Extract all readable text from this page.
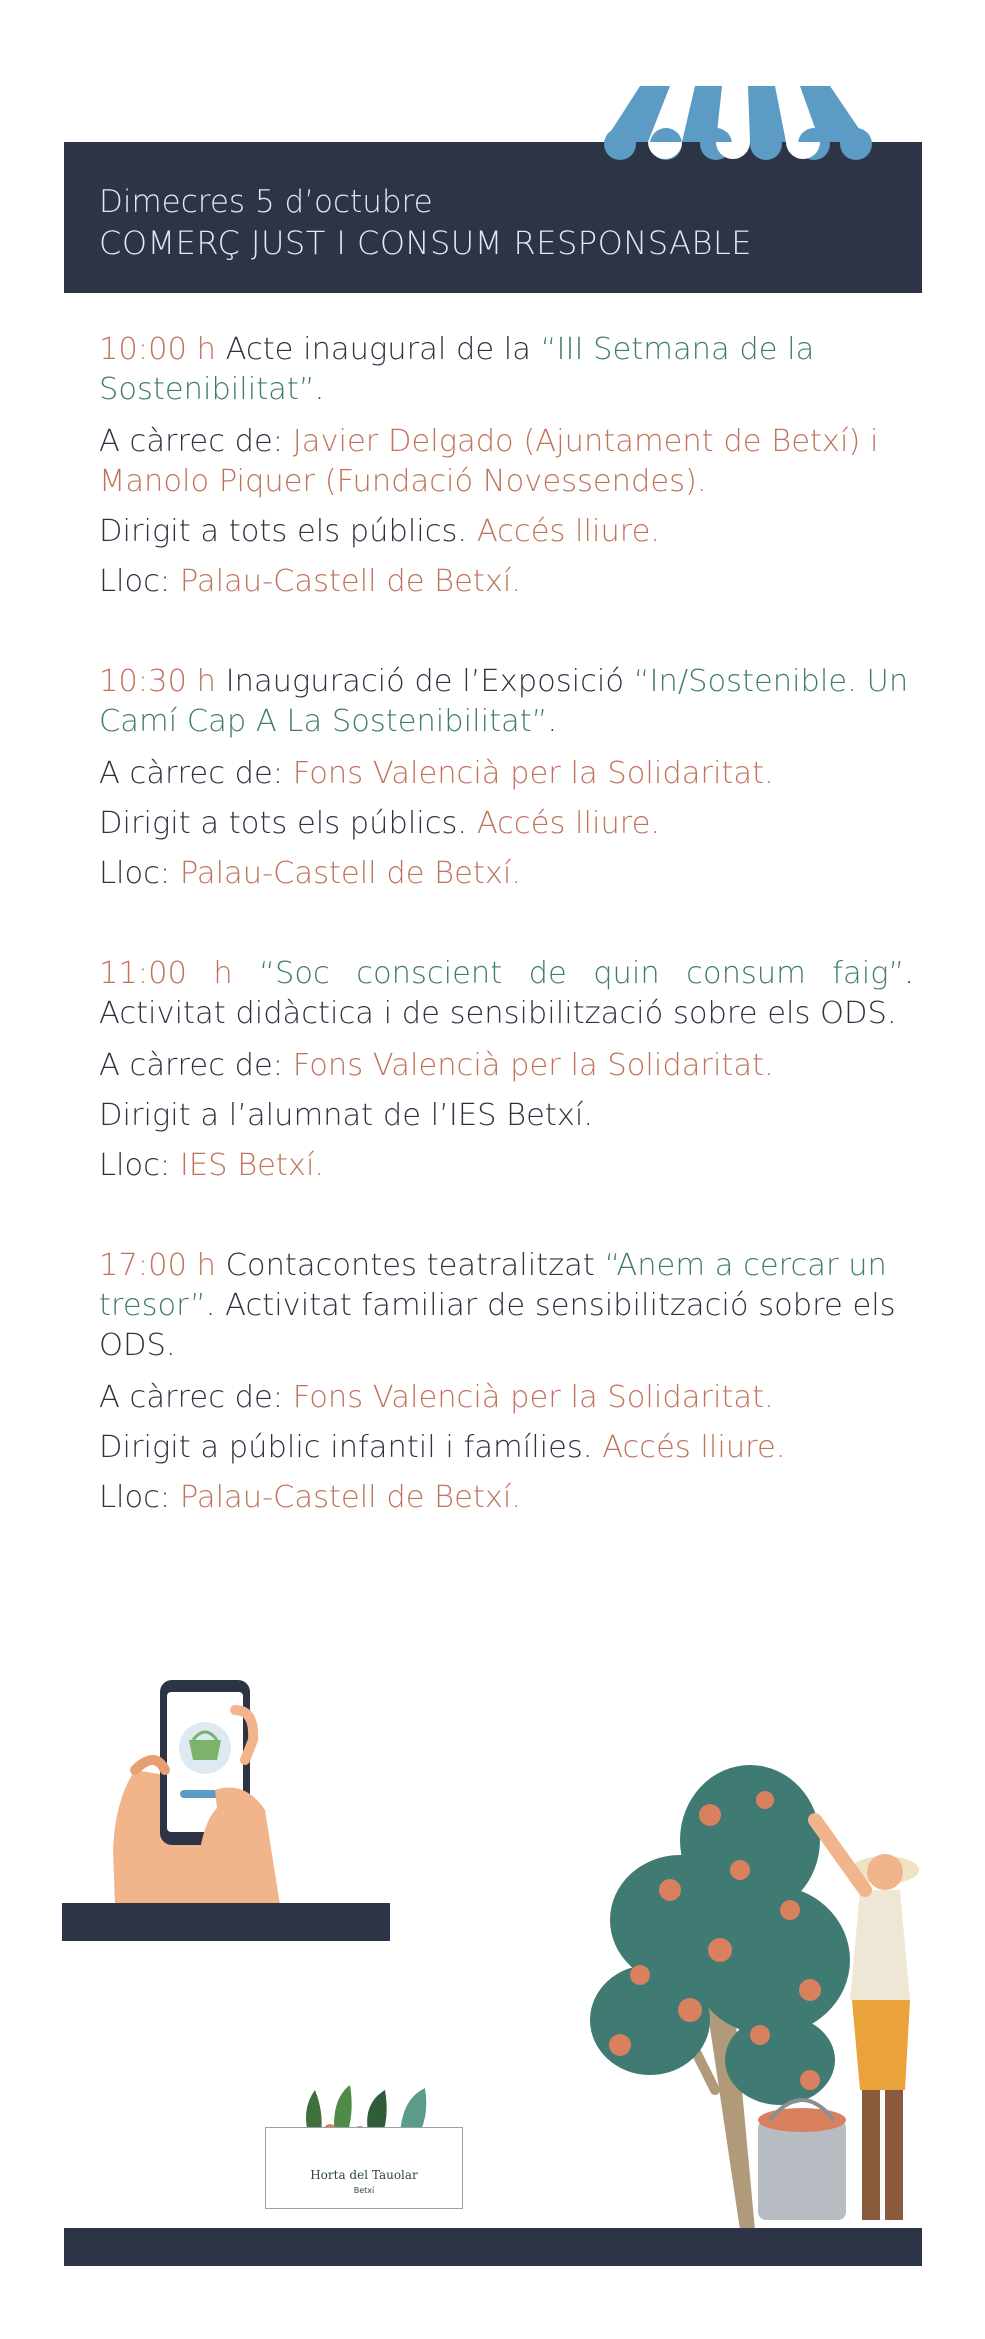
Dimecres 5 d’octubre
COMERÇ JUST I CONSUM RESPONSABLE

10:00 h Acte inaugural de la “III Setmana de la Sostenibilitat”.

A càrrec de: Javier Delgado (Ajuntament de Betxí) i Manolo Piquer (Fundació Novessendes).

Dirigit a tots els públics. Accés lliure.

Lloc: Palau-Castell de Betxí.

10:30 h Inauguració de l’Exposició “In/Sostenible. Un Camí Cap A La Sostenibilitat”.

A càrrec de: Fons Valencià per la Solidaritat.

Dirigit a tots els públics. Accés lliure.

Lloc: Palau-Castell de Betxí.

11:00 h “Soc conscient de quin consum faig”. Activitat didàctica i de sensibilització sobre els ODS.

A càrrec de: Fons Valencià per la Solidaritat.

Dirigit a l’alumnat de l’IES Betxí.

Lloc: IES Betxí.

17:00 h Contacontes teatralitzat “Anem a cercar un tresor”. Activitat familiar de sensibilització sobre els ODS.

A càrrec de: Fons Valencià per la Solidaritat.

Dirigit a públic infantil i famílies. Accés lliure.

Lloc: Palau-Castell de Betxí.

Horta del Tauolar
Betxí
